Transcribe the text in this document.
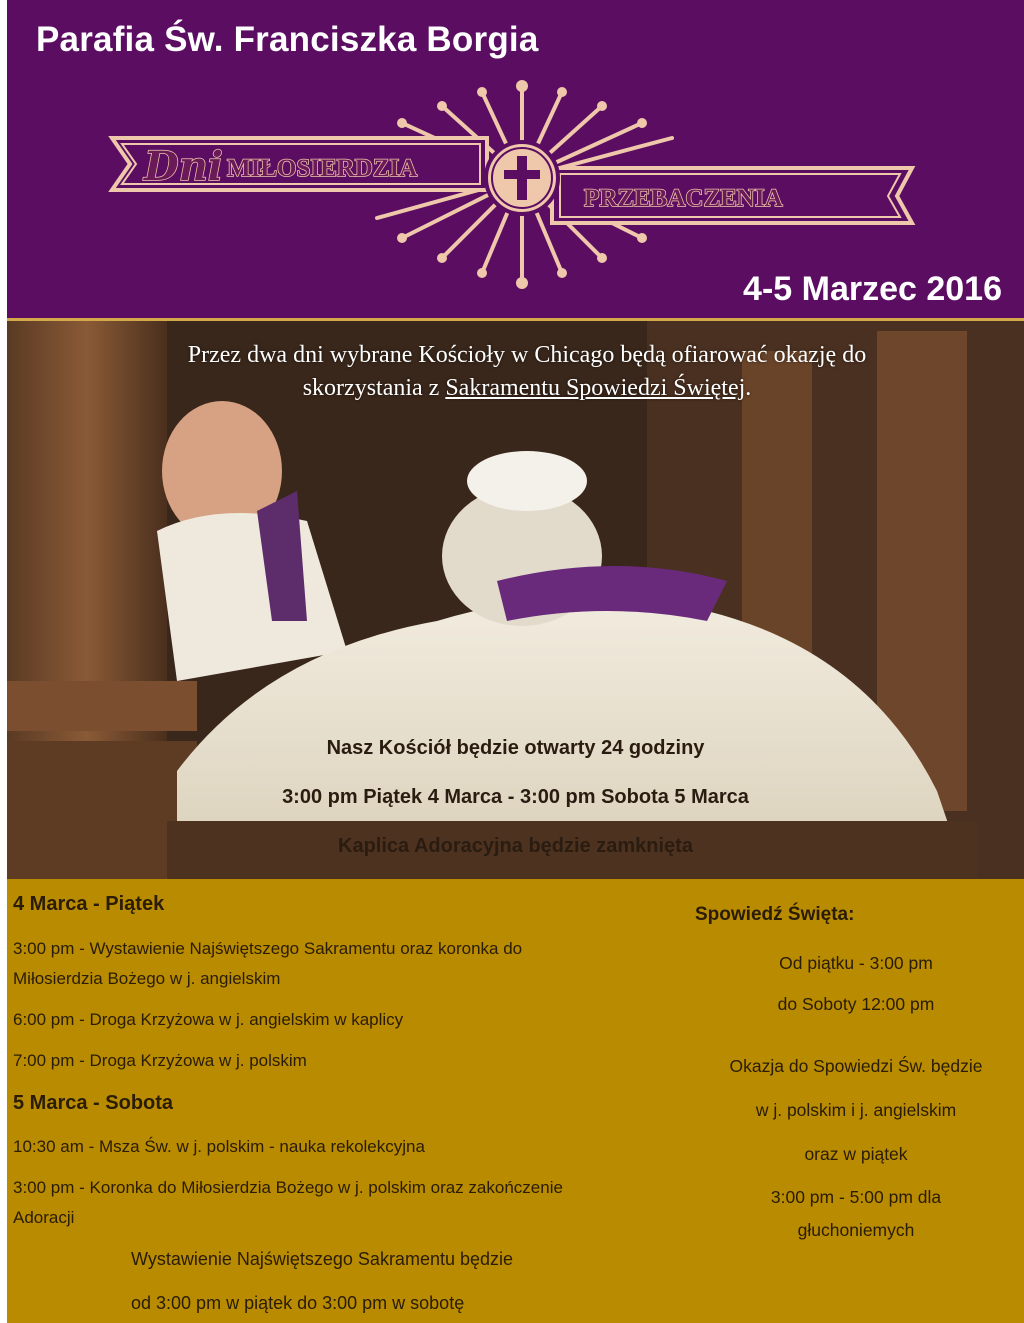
Parafia Św. Franciszka Borgia
Dni MIŁOSIERDZIA
PRZEBACZENIA
4-5 Marzec 2016
Przez dwa dni wybrane Kościoły w Chicago będą ofiarować okazję do
skorzystania z Sakramentu Spowiedzi Świętej.
Nasz Kościół będzie otwarty 24 godziny
3:00 pm Piątek 4 Marca - 3:00 pm Sobota 5 Marca
Kaplica Adoracyjna będzie zamknięta
4 Marca - Piątek
3:00 pm - Wystawienie Najświętszego Sakramentu oraz koronka do
Miłosierdzia Bożego w j. angielskim
6:00 pm - Droga Krzyżowa w j. angielskim w kaplicy
7:00 pm - Droga Krzyżowa w j. polskim
5 Marca - Sobota
10:30 am - Msza Św. w j. polskim - nauka rekolekcyjna
3:00 pm - Koronka do Miłosierdzia Bożego w j. polskim oraz zakończenie
Adoracji
Wystawienie Najświętszego Sakramentu będzie
od 3:00 pm w piątek do 3:00 pm w sobotę
Spowiedź Święta:
Od piątku - 3:00 pm
do Soboty 12:00 pm
Okazja do Spowiedzi Św. będzie
w j. polskim i j. angielskim
oraz w piątek
3:00 pm - 5:00 pm dla
głuchoniemych
